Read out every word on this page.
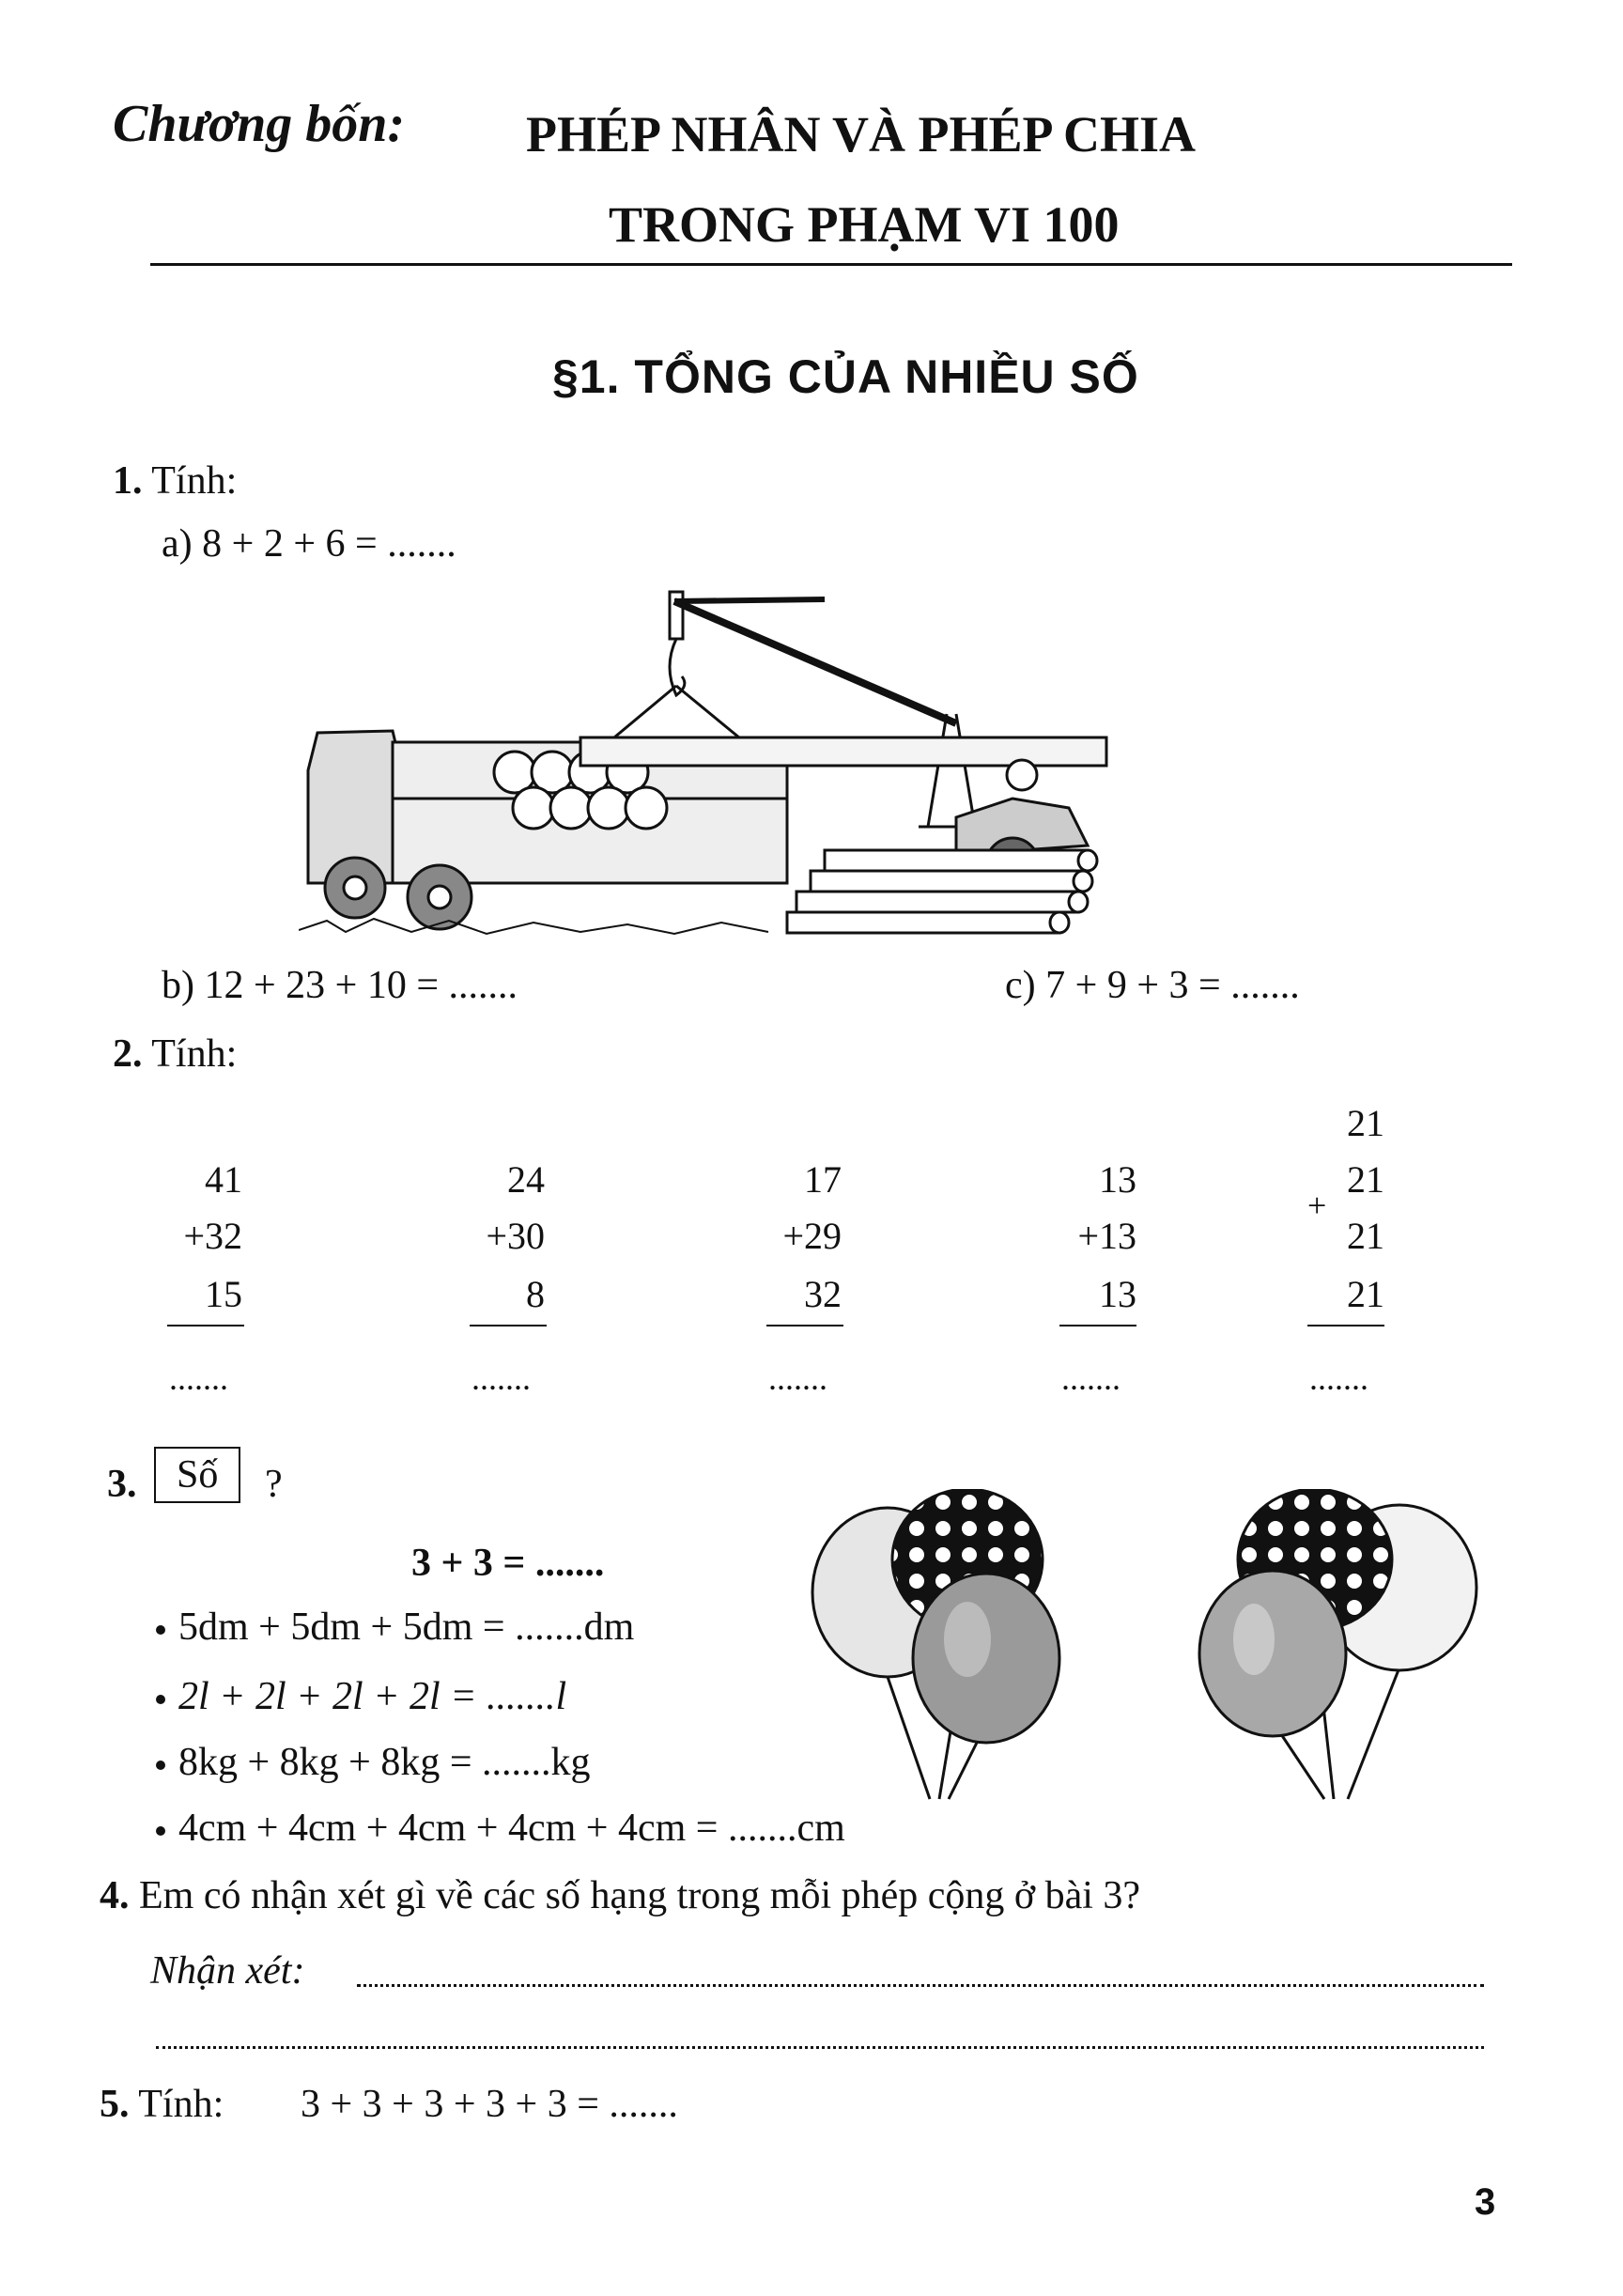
Chương bốn: PHÉP NHÂN VÀ PHÉP CHIA
TRONG PHẠM VI 100
§1. TỔNG CỦA NHIỀU SỐ
1. Tính:
a) 8 + 2 + 6 = .......
b) 12 + 23 + 10 = .......	c) 7 + 9 + 3 = .......
2. Tính:
41
+32
15
.......
24
+30
8
.......
17
+29
32
.......
13
+13
13
.......
21
21
+
21
21
.......
3.	Số	?
3 + 3 = .......
5dm + 5dm + 5dm = .......dm
2l + 2l + 2l + 2l = .......l
8kg + 8kg + 8kg = .......kg
4cm + 4cm + 4cm + 4cm + 4cm = .......cm
4. Em có nhận xét gì về các số hạng trong mỗi phép cộng ở bài 3?
Nhận xét:
5. Tính: 3 + 3 + 3 + 3 + 3 = .......
3
